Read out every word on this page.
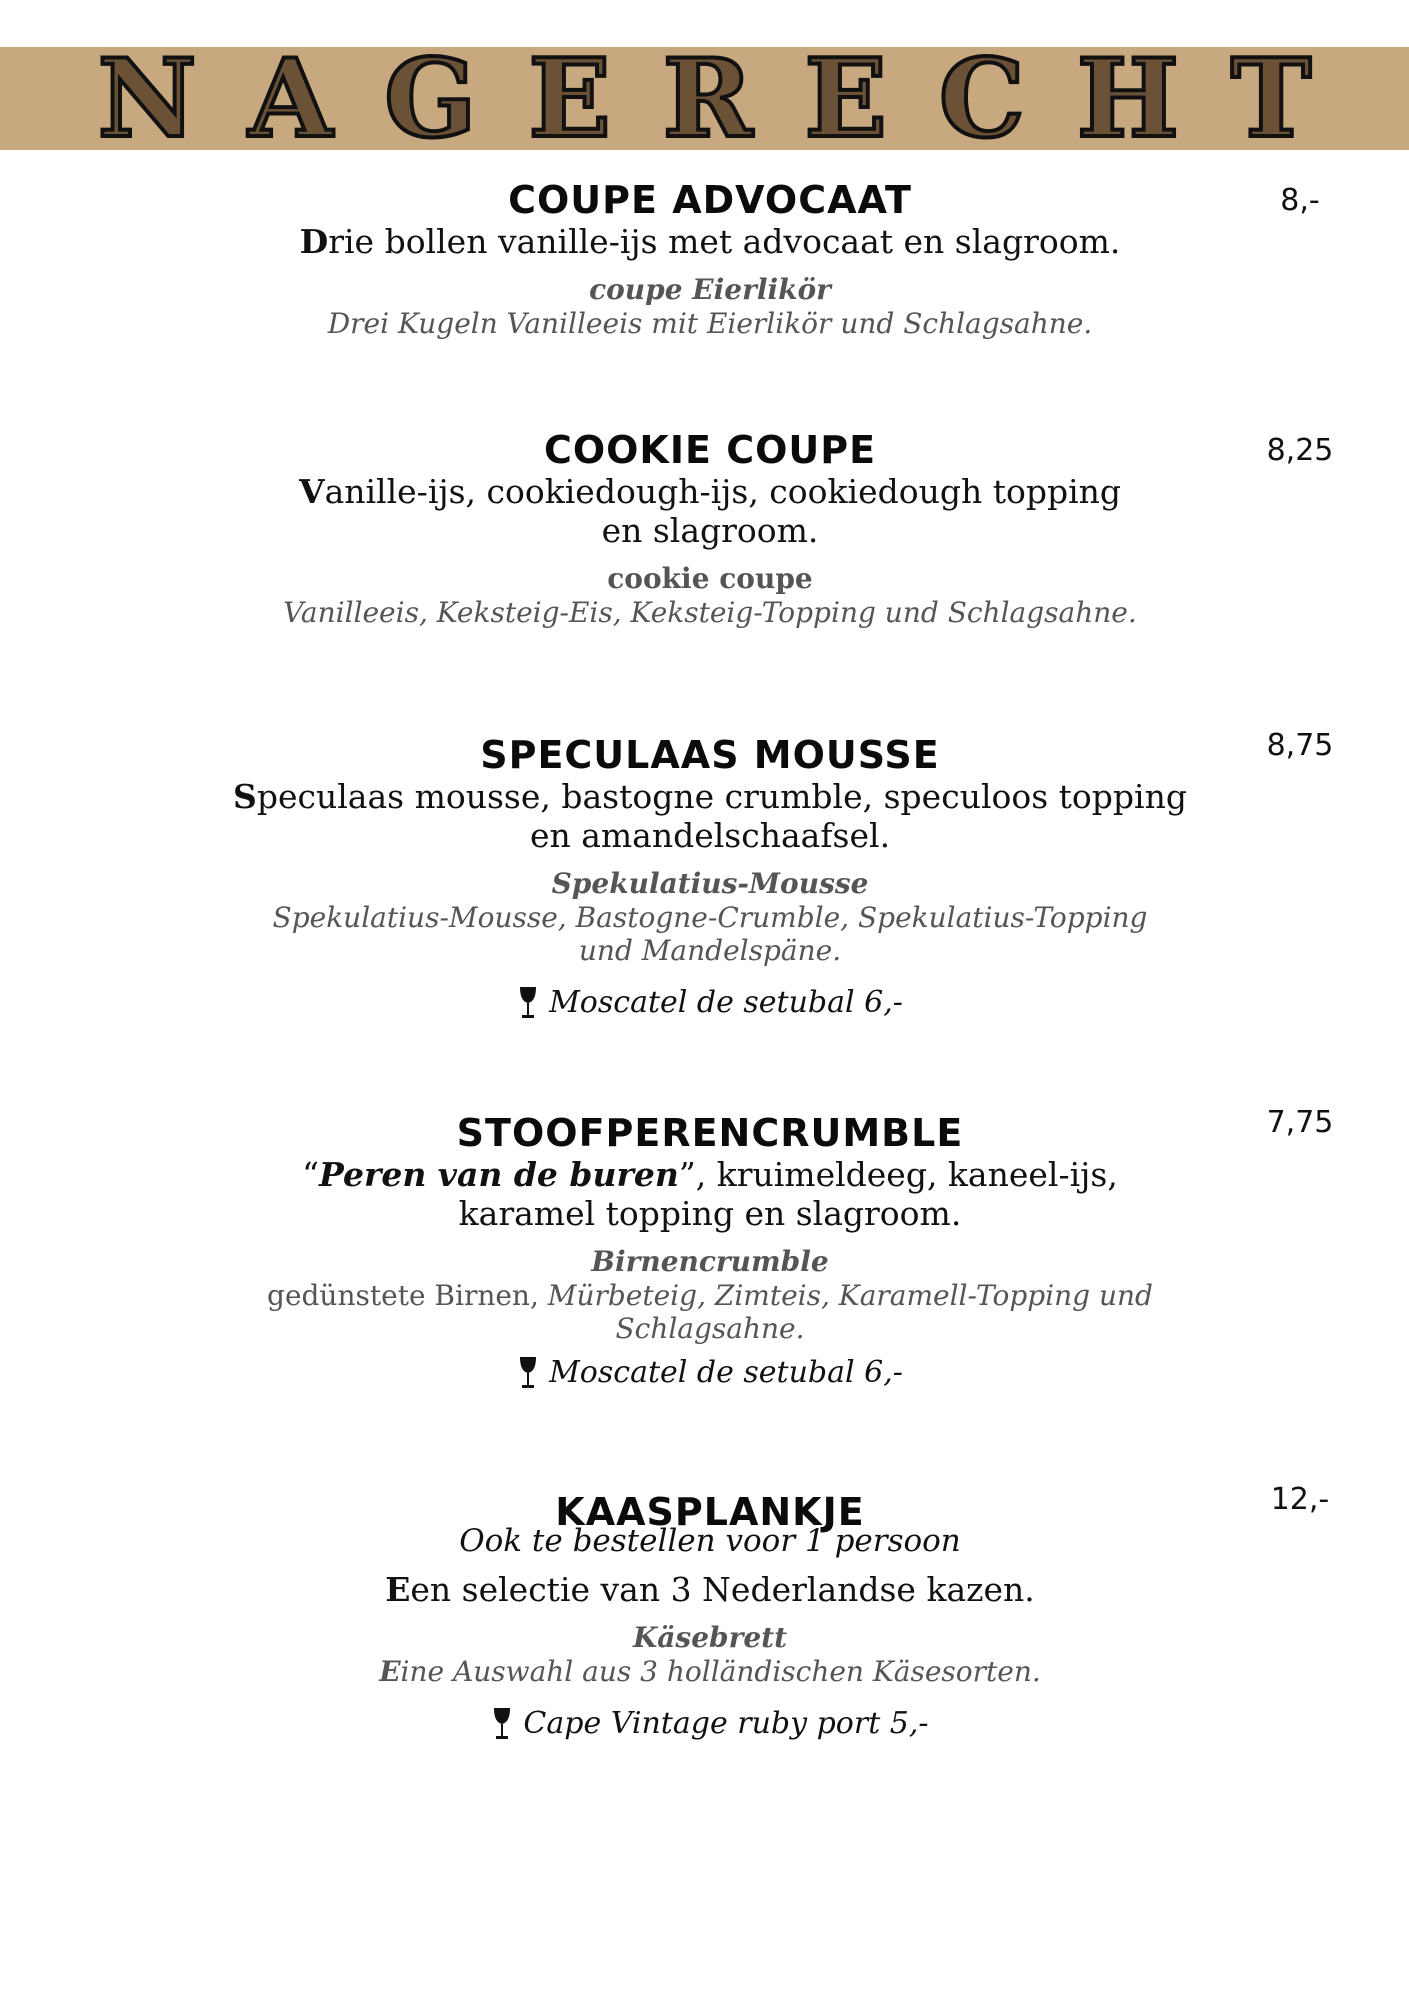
NAGERECHT

COUPE ADVOCAAT

Drie bollen vanille-ijs met advocaat en slagroom.

coupe Eierlikör

Drei Kugeln Vanilleeis mit Eierlikör und Schlagsahne.

8,-

COOKIE COUPE

Vanille-ijs, cookiedough-ijs, cookiedough topping
en slagroom.

cookie coupe

Vanilleeis, Keksteig-Eis, Keksteig-Topping und Schlagsahne.

8,25

SPECULAAS MOUSSE

Speculaas mousse, bastogne crumble, speculoos topping
en amandelschaafsel.

Spekulatius-Mousse

Spekulatius-Mousse, Bastogne-Crumble, Spekulatius-Topping
und Mandelspäne.

Moscatel de setubal 6,-

8,75

STOOFPERENCRUMBLE

“Peren van de buren”, kruimeldeeg, kaneel-ijs,
karamel topping en slagroom.

Birnencrumble

gedünstete Birnen, Mürbeteig, Zimteis, Karamell-Topping und
Schlagsahne.

Moscatel de setubal 6,-

7,75

KAASPLANKJE

Ook te bestellen voor 1 persoon

Een selectie van 3 Nederlandse kazen.

Käsebrett

Eine Auswahl aus 3 holländischen Käsesorten.

Cape Vintage ruby port 5,-

12,-
